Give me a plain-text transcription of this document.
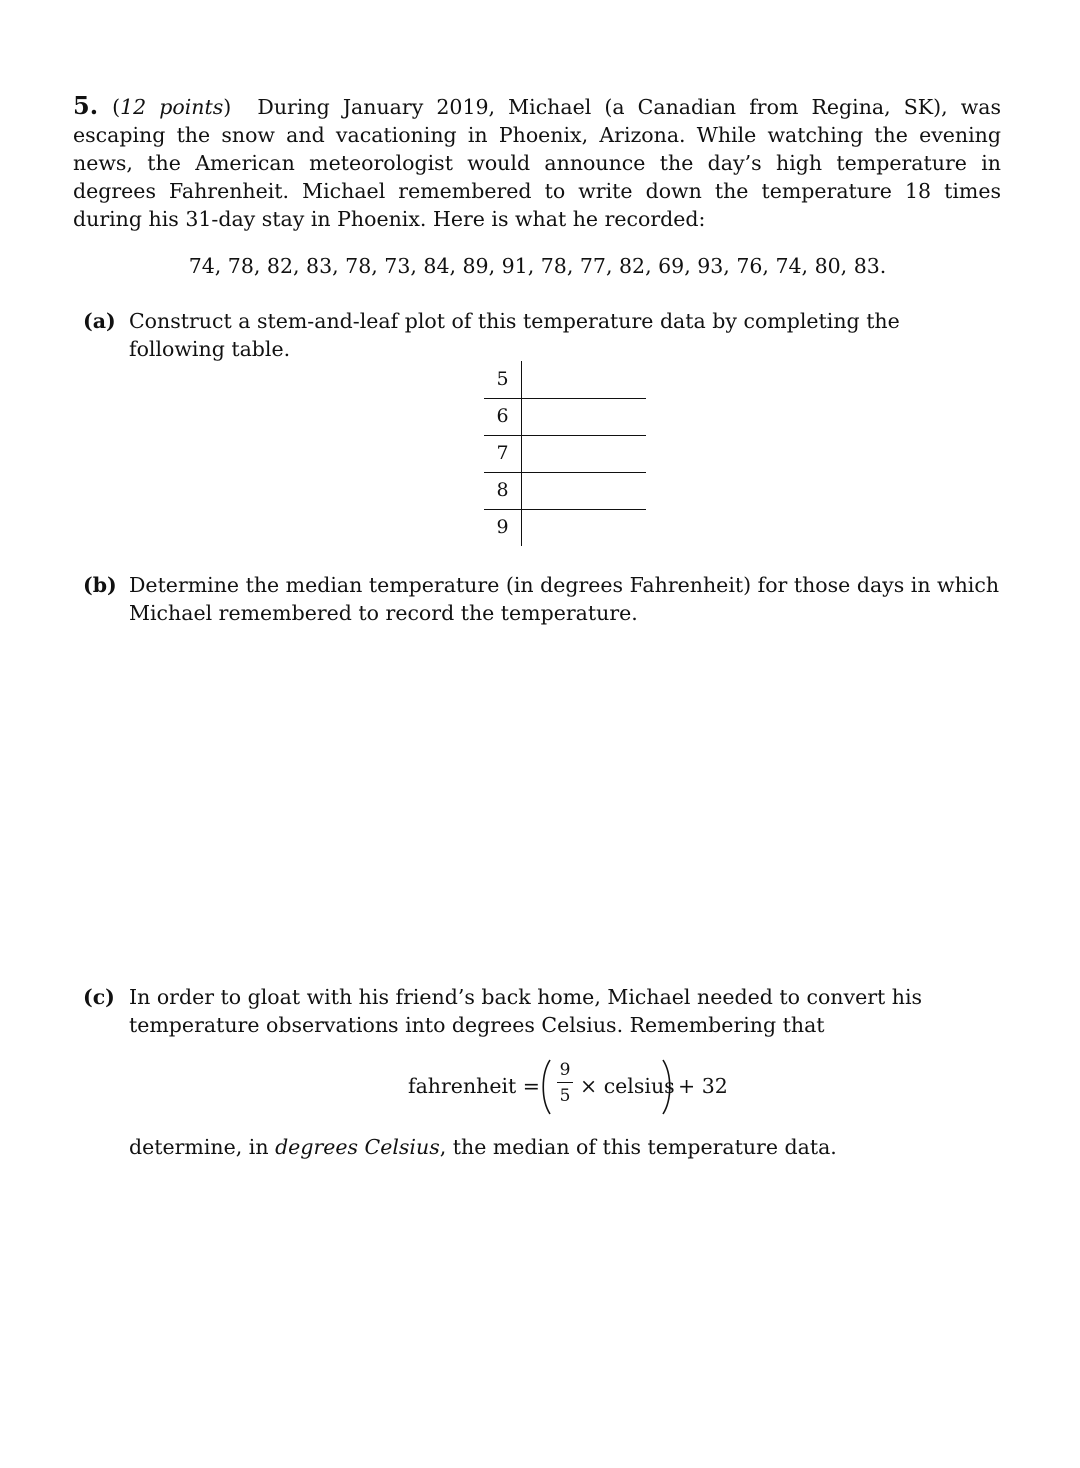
5. (12 points) During January 2019, Michael (a Canadian from Regina, SK), was escaping the snow and vacationing in Phoenix, Arizona. While watching the evening news, the American meteorologist would announce the day’s high temperature in degrees Fahrenheit. Michael remembered to write down the temperature 18 times during his 31-day stay in Phoenix. Here is what he recorded:
74, 78, 82, 83, 78, 73, 84, 89, 91, 78, 77, 82, 69, 93, 76, 74, 80, 83.
(a) Construct a stem-and-leaf plot of this temperature data by completing the following table.
5
6
7
8
9
(b) Determine the median temperature (in degrees Fahrenheit) for those days in which Michael remembered to record the temperature.
(c) In order to gloat with his friend’s back home, Michael needed to convert his temperature observations into degrees Celsius. Remembering that
fahrenheit =
9
5 × celsius + 32
determine, in degrees Celsius, the median of this temperature data.
